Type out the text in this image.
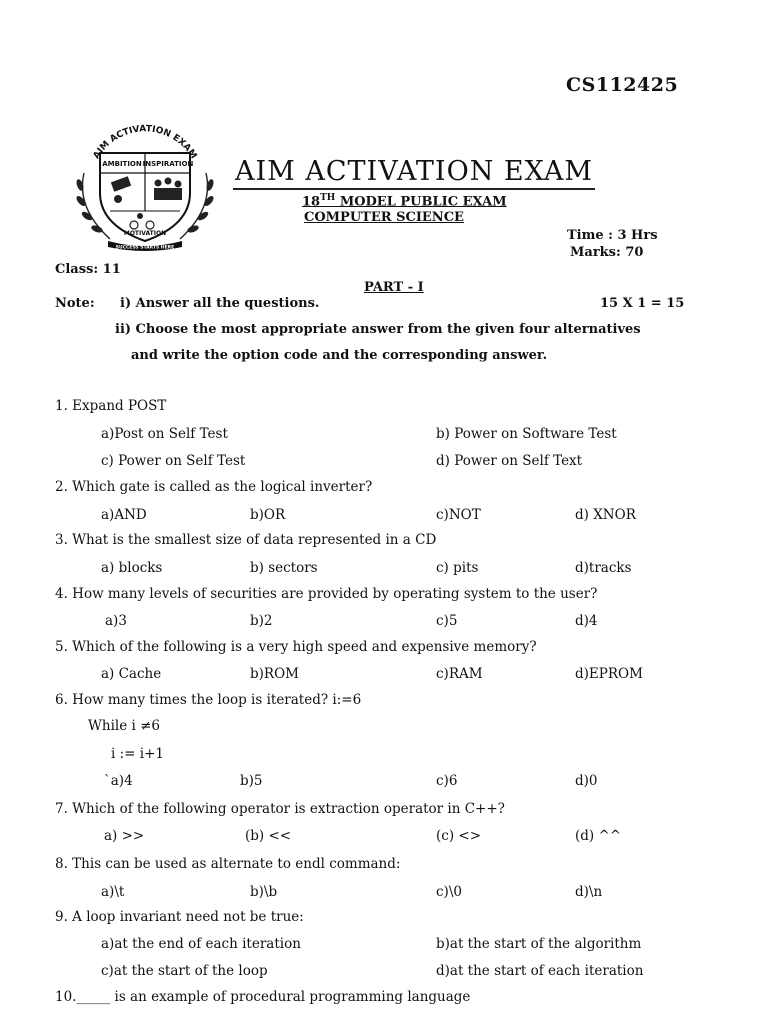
CS112425
AIM ACTIVATION EXAM
AMBITION INSPIRATION
MOTIVATION
SUCCESS STARTS HERE
AIM ACTIVATION EXAM
18TH MODEL PUBLIC EXAM
COMPUTER SCIENCE
Time : 3 Hrs
Marks: 70
Class: 11
PART - I
Note: i) Answer all the questions.	15 X 1 = 15
ii) Choose the most appropriate answer from the given four alternatives
and write the option code and the corresponding answer.
1. Expand POST
a)Post on Self Test	b) Power on Software Test
c) Power on Self Test	d) Power on Self Text
2. Which gate is called as the logical inverter?
a)AND	b)OR	c)NOT	d) XNOR
3. What is the smallest size of data represented in a CD
a) blocks	b) sectors	c) pits	d)tracks
4. How many levels of securities are provided by operating system to the user?
a)3	b)2	c)5	d)4
5. Which of the following is a very high speed and expensive memory?
a) Cache	b)ROM	c)RAM	d)EPROM
6. How many times the loop is iterated? i:=6
While i ≠6
i := i+1
`a)4	b)5	c)6	d)0
7. Which of the following operator is extraction operator in C++?
a) >>	(b) <<	(c) <>	(d) ^^
8. This can be used as alternate to endl command:
a)\t	b)\b	c)\0	d)\n
9. A loop invariant need not be true:
a)at the end of each iteration	b)at the start of the algorithm
c)at the start of the loop	d)at the start of each iteration
10._____ is an example of procedural programming language
